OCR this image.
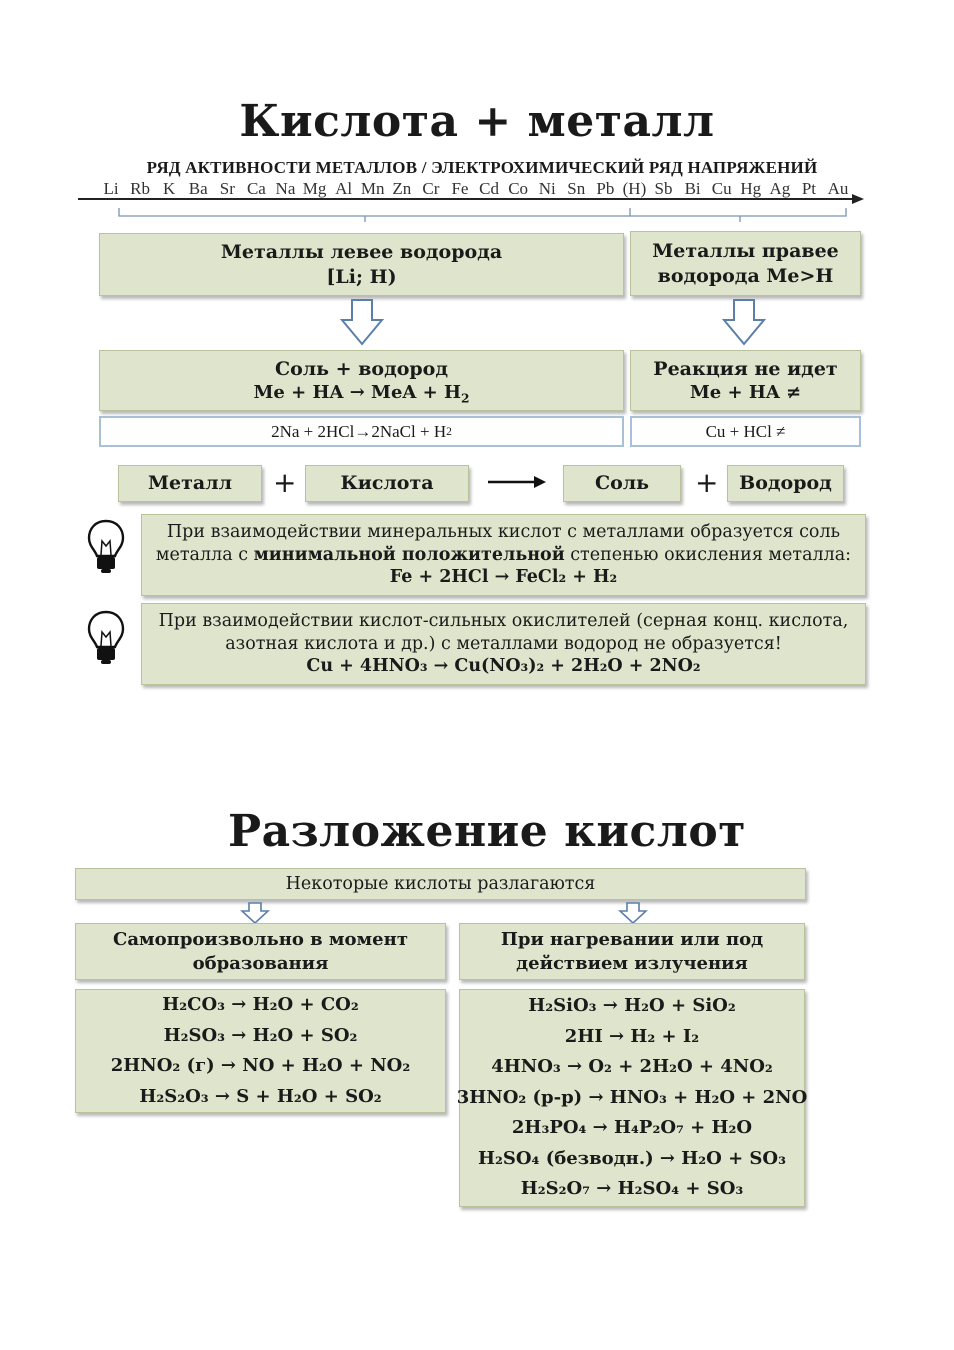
Кислота + металл
РЯД АКТИВНОСТИ МЕТАЛЛОВ / ЭЛЕКТРОХИМИЧЕСКИЙ РЯД НАПРЯЖЕНИЙ
Li Rb K Ba Sr Ca Na Mg Al Mn Zn Cr Fe Cd Co Ni Sn Pb (H) Sb Bi Cu Hg Ag Pt Au
Металлы левее водорода
[Li; H)
Металлы правее
водорода Me>H
Соль + водород
Me + HA → MeA + $H_2$
Реакция не идет
Me + HA ≠
2Na + 2HCl → 2NaCl + H 2	Cu + HCl ≠
Металл	+	Кислота	Соль	+	Водород
При взаимодействии минеральных кислот с металлами образуется соль
металла с минимальной положительной степенью окисления металла:
Fe + 2HCl → FeCl₂ + H₂
При взаимодействии кислот-сильных окислителей (серная конц. кислота,
азотная кислота и др.) с металлами водород не образуется!
Cu + 4HNO₃ → Cu(NO₃)₂ + 2H₂O + 2NO₂
Разложение кислот
Некоторые кислоты разлагаются
Самопроизвольно в момент
образования
При нагревании или под
действием излучения
H₂CO₃ → H₂O + CO₂
H₂SO₃ → H₂O + SO₂
2HNO₂ (г) → NO + H₂O + NO₂
H₂S₂O₃ → S + H₂O + SO₂
H₂SiO₃ → H₂O + SiO₂
2HI → H₂ + I₂
4HNO₃ → O₂ + 2H₂O + 4NO₂
3HNO₂ (р-р) → HNO₃ + H₂O + 2NO
2H₃PO₄ → H₄P₂O₇ + H₂O
H₂SO₄ (безводн.) → H₂O + SO₃
H₂S₂O₇ → H₂SO₄ + SO₃
